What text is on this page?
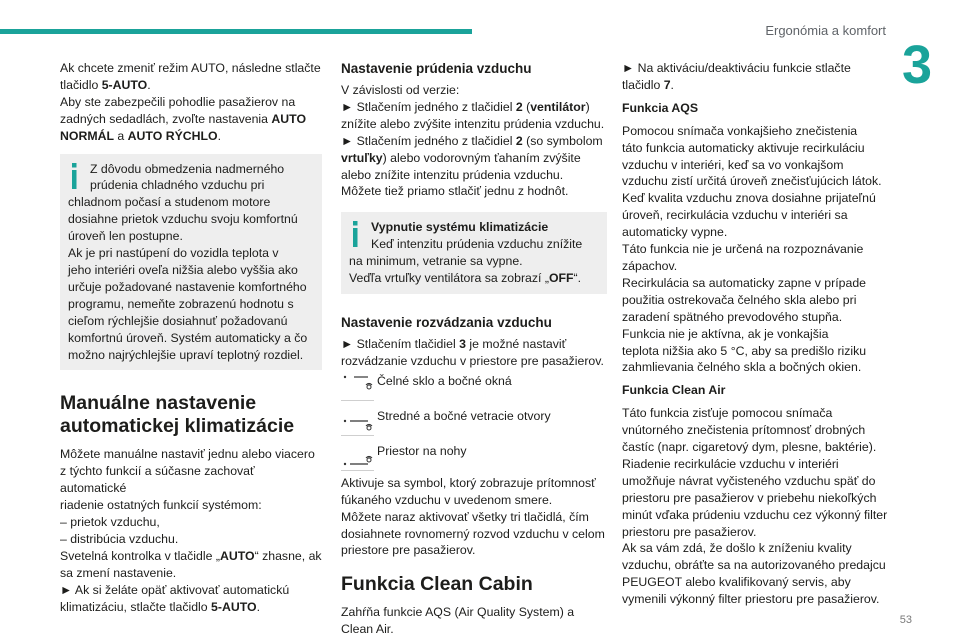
Ergonómia a komfort
3

Ak chcete zmeniť režim AUTO, následne stlačte
tlačidlo 5-AUTO.
Aby ste zabezpečili pohodlie pasažierov na
zadných sedadlách, zvoľte nastavenia AUTO
NORMÁL a AUTO RÝCHLO.

Z dôvodu obmedzenia nadmerného
prúdenia chladného vzduchu pri
chladnom počasí a studenom motore
dosiahne prietok vzduchu svoju komfortnú
úroveň len postupne.
Ak je pri nastúpení do vozidla teplota v
jeho interiéri oveľa nižšia alebo vyššia ako
určuje požadované nastavenie komfortného
programu, nemeňte zobrazenú hodnotu s
cieľom rýchlejšie dosiahnuť požadovanú
komfortnú úroveň. Systém automaticky a čo
možno najrýchlejšie upraví teplotný rozdiel.
Manuálne nastavenie
automatickej klimatizácie

Môžete manuálne nastaviť jednu alebo viacero
z týchto funkcií a súčasne zachovať automatické
riadenie ostatných funkcií systémom:
– prietok vzduchu,
– distribúcia vzduchu.
Svetelná kontrolka v tlačidle „AUTO“ zhasne, ak
sa zmení nastavenie.
► Ak si želáte opäť aktivovať automatickú
klimatizáciu, stlačte tlačidlo 5-AUTO.

Nastavenie prúdenia vzduchu

V závislosti od verzie:
► Stlačením jedného z tlačidiel 2 (ventilátor)
znížite alebo zvýšite intenzitu prúdenia vzduchu.
► Stlačením jedného z tlačidiel 2 (so symbolom
vrtuľky) alebo vodorovným ťahaním zvýšite
alebo znížite intenzitu prúdenia vzduchu.
Môžete tiež priamo stlačiť jednu z hodnôt.

Vypnutie systému klimatizácie
Keď intenzitu prúdenia vzduchu znížite
na minimum, vetranie sa vypne.
Veďľa vrtuľky ventilátora sa zobrazí „OFF“.
Nastavenie rozvádzania vzduchu

► Stlačením tlačidiel 3 je možné nastaviť
rozvádzanie vzduchu v priestore pre pasažierov.

Čelné sklo a bočné okná
Stredné a bočné vetracie otvory
Priestor na nohy

Aktivuje sa symbol, ktorý zobrazuje prítomnosť
fúkaného vzduchu v uvedenom smere.
Môžete naraz aktivovať všetky tri tlačidlá, čím
dosiahnete rovnomerný rozvod vzduchu v celom
priestore pre pasažierov.

Funkcia Clean Cabin

Zahŕňa funkcie AQS (Air Quality System) a
Clean Air.

► Na aktiváciu/deaktiváciu funkcie stlačte
tlačidlo 7.

Funkcia AQS

Pomocou snímača vonkajšieho znečistenia
táto funkcia automaticky aktivuje recirkuláciu
vzduchu v interiéri, keď sa vo vonkajšom
vzduchu zistí určitá úroveň znečisťujúcich látok.
Keď kvalita vzduchu znova dosiahne prijateľnú
úroveň, recirkulácia vzduchu v interiéri sa
automaticky vypne.
Táto funkcia nie je určená na rozpoznávanie
zápachov.
Recirkulácia sa automaticky zapne v prípade
použitia ostrekovača čelného skla alebo pri
zaradení spätného prevodového stupňa.
Funkcia nie je aktívna, ak je vonkajšia
teplota nižšia ako 5 °C, aby sa predišlo riziku
zahmlievania čelného skla a bočných okien.

Funkcia Clean Air

Táto funkcia zisťuje pomocou snímača
vnútorného znečistenia prítomnosť drobných
častíc (napr. cigaretový dym, plesne, baktérie).
Riadenie recirkulácie vzduchu v interiéri
umožňuje návrat vyčisteného vzduchu späť do
priestoru pre pasažierov v priebehu niekoľkých
minút vďaka prúdeniu vzduchu cez výkonný filter
priestoru pre pasažierov.
Ak sa vám zdá, že došlo k zníženiu kvality
vzduchu, obráťte sa na autorizovaného predajcu
PEUGEOT alebo kvalifikovaný servis, aby
vymenili výkonný filter priestoru pre pasažierov.

53
